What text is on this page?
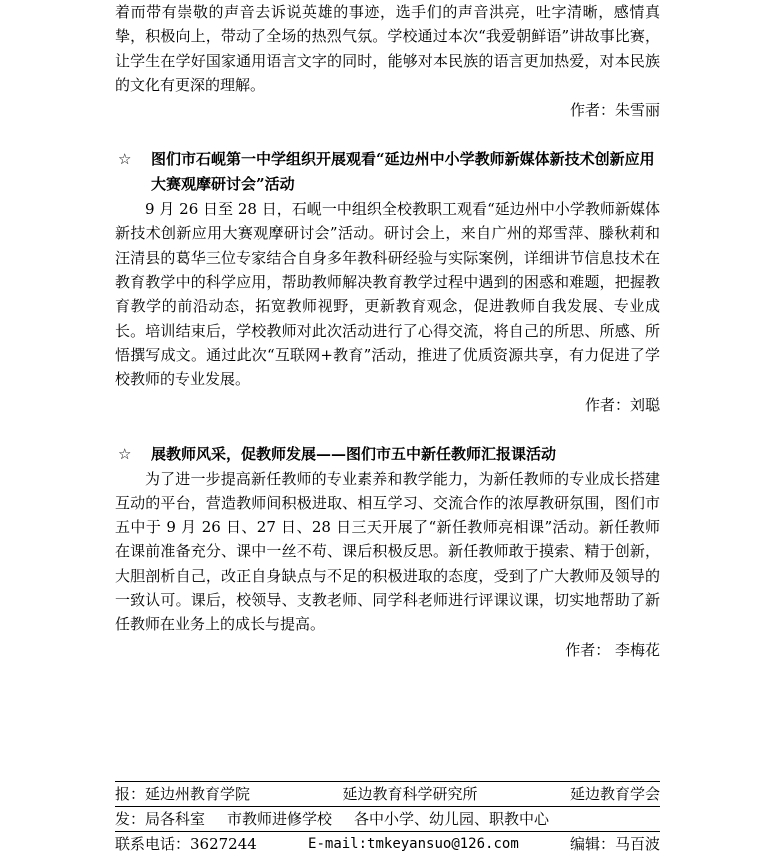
着而带有崇敬的声音去诉说英雄的事迹，选手们的声音洪亮，吐字清晰，感情真挚，积极向上，带动了全场的热烈气氛。学校通过本次“我爱朝鲜语”讲故事比赛，让学生在学好国家通用语言文字的同时，能够对本民族的语言更加热爱，对本民族的文化有更深的理解。

作者：朱雪丽

☆ 图们市石岘第一中学组织开展观看“延边州中小学教师新媒体新技术创新应用大赛观摩研讨会”活动

9 月 26 日至 28 日，石岘一中组织全校教职工观看“延边州中小学教师新媒体新技术创新应用大赛观摩研讨会”活动。研讨会上，来自广州的郑雪萍、滕秋莉和汪清县的葛华三位专家结合自身多年教科研经验与实际案例，详细讲节信息技术在教育教学中的科学应用，帮助教师解决教育教学过程中遇到的困惑和难题，把握教育教学的前沿动态，拓宽教师视野，更新教育观念，促进教师自我发展、专业成长。培训结束后，学校教师对此次活动进行了心得交流，将自己的所思、所感、所悟撰写成文。通过此次“互联网+教育”活动，推进了优质资源共享，有力促进了学校教师的专业发展。

作者：刘聪

☆ 展教师风采，促教师发展——图们市五中新任教师汇报课活动

为了进一步提高新任教师的专业素养和教学能力，为新任教师的专业成长搭建互动的平台，营造教师间积极进取、相互学习、交流合作的浓厚教研氛围，图们市五中于 9 月 26 日、27 日、28 日三天开展了“新任教师亮相课”活动。新任教师在课前准备充分、课中一丝不苟、课后积极反思。新任教师敢于摸索、精于创新，大胆剖析自己，改正自身缺点与不足的积极进取的态度，受到了广大教师及领导的一致认可。课后，校领导、支教老师、同学科老师进行评课议课，切实地帮助了新任教师在业务上的成长与提高。

作者： 李梅花

报：延边州教育学院	延边教育科学研究所	延边教育学会
发：局各科室 市教师进修学校 各中小学、幼儿园、职教中心
联系电话：3627244	E-mail:tmkeyansuo@126.com	编辑：马百波
